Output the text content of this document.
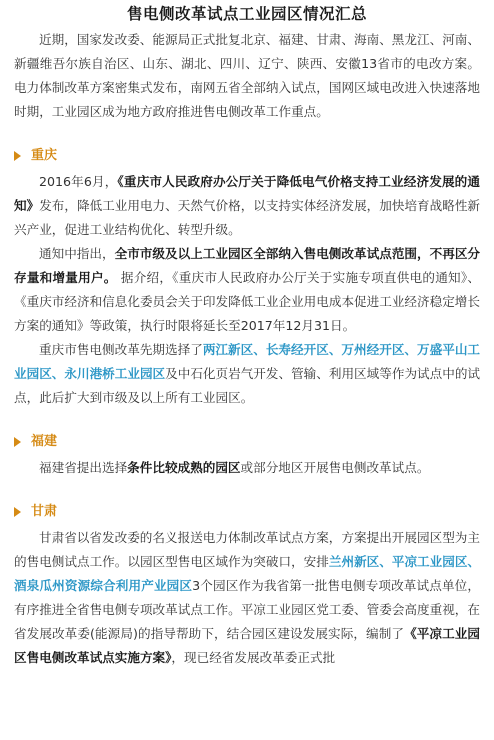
售电侧改革试点工业园区情况汇总

近期，国家发改委、能源局正式批复北京、福建、甘肃、海南、黑龙江、河南、新疆维吾尔族自治区、山东、湖北、四川、辽宁、陕西、安徽13省市的电改方案。电力体制改革方案密集式发布，南网五省全部纳入试点，国网区域电改进入快速落地时期，工业园区成为地方政府推进售电侧改革工作重点。

重庆

2016年6月，《重庆市人民政府办公厅关于降低电气价格支持工业经济发展的通知》发布，降低工业用电力、天然气价格，以支持实体经济发展，加快培育战略性新兴产业，促进工业结构优化、转型升级。

通知中指出，全市市级及以上工业园区全部纳入售电侧改革试点范围，不再区分存量和增量用户。 据介绍，《重庆市人民政府办公厅关于实施专项直供电的通知》、《重庆市经济和信息化委员会关于印发降低工业企业用电成本促进工业经济稳定增长方案的通知》等政策，执行时限将延长至2017年12月31日。

重庆市售电侧改革先期选择了两江新区、长寿经开区、万州经开区、万盛平山工业园区、永川港桥工业园区及中石化页岩气开发、管输、利用区域等作为试点中的试点，此后扩大到市级及以上所有工业园区。

福建

福建省提出选择条件比较成熟的园区或部分地区开展售电侧改革试点。

甘肃

甘肃省以省发改委的名义报送电力体制改革试点方案，方案提出开展园区型为主的售电侧试点工作。以园区型售电区域作为突破口，安排兰州新区、平凉工业园区、酒泉瓜州资源综合利用产业园区3个园区作为我省第一批售电侧专项改革试点单位，有序推进全省售电侧专项改革试点工作。平凉工业园区党工委、管委会高度重视，在省发展改革委(能源局)的指导帮助下，结合园区建设发展实际，编制了《平凉工业园区售电侧改革试点实施方案》，现已经省发展改革委正式批
